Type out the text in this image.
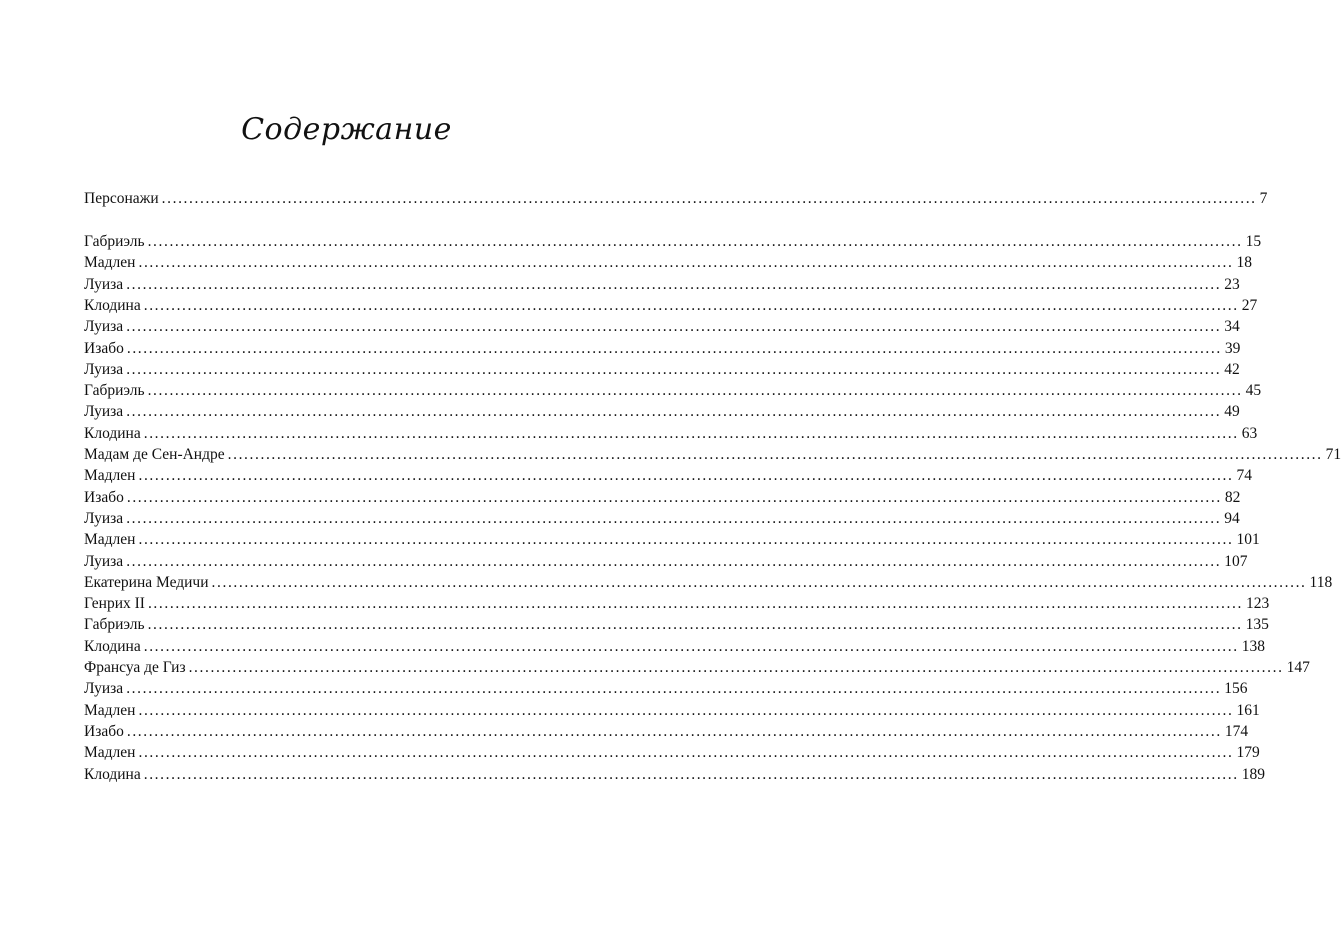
Содержание
Персонажи ........................................................................................................................................................................................................ 7
Габриэль ........................................................................................................................................................................................................ 15
Мадлен ........................................................................................................................................................................................................ 18
Луиза ........................................................................................................................................................................................................ 23
Клодина ........................................................................................................................................................................................................ 27
Луиза ........................................................................................................................................................................................................ 34
Изабо ........................................................................................................................................................................................................ 39
Луиза ........................................................................................................................................................................................................ 42
Габриэль ........................................................................................................................................................................................................ 45
Луиза ........................................................................................................................................................................................................ 49
Клодина ........................................................................................................................................................................................................ 63
Мадам де Сен-Андре ........................................................................................................................................................................................................ 71
Мадлен ........................................................................................................................................................................................................ 74
Изабо ........................................................................................................................................................................................................ 82
Луиза ........................................................................................................................................................................................................ 94
Мадлен ........................................................................................................................................................................................................ 101
Луиза ........................................................................................................................................................................................................ 107
Екатерина Медичи ........................................................................................................................................................................................................ 118
Генрих II ........................................................................................................................................................................................................ 123
Габриэль ........................................................................................................................................................................................................ 135
Клодина ........................................................................................................................................................................................................ 138
Франсуа де Гиз ........................................................................................................................................................................................................ 147
Луиза ........................................................................................................................................................................................................ 156
Мадлен ........................................................................................................................................................................................................ 161
Изабо ........................................................................................................................................................................................................ 174
Мадлен ........................................................................................................................................................................................................ 179
Клодина ........................................................................................................................................................................................................ 189
